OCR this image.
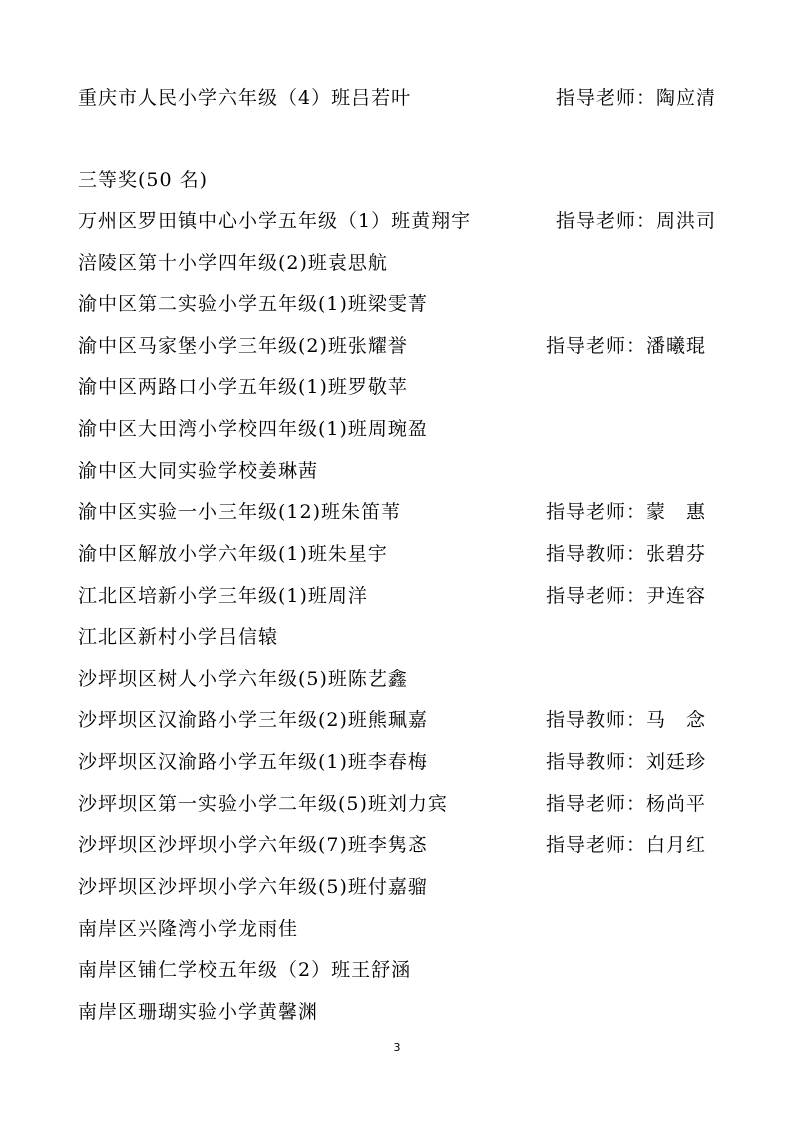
重庆市人民小学六年级（4）班吕若叶	指导老师：陶应清
三等奖(50 名)
万州区罗田镇中心小学五年级（1）班黄翔宇	指导老师：周洪司
涪陵区第十小学四年级(2)班袁思航
渝中区第二实验小学五年级(1)班梁雯菁
渝中区马家堡小学三年级(2)班张耀誉	指导老师：潘曦琨
渝中区两路口小学五年级(1)班罗敬苹
渝中区大田湾小学校四年级(1)班周琬盈
渝中区大同实验学校姜琳茜
渝中区实验一小三年级(12)班朱笛苇	指导老师：蒙　惠
渝中区解放小学六年级(1)班朱星宇	指导教师：张碧芬
江北区培新小学三年级(1)班周洋	指导老师：尹连容
江北区新村小学吕信辕
沙坪坝区树人小学六年级(5)班陈艺鑫
沙坪坝区汉渝路小学三年级(2)班熊珮嘉	指导教师：马　念
沙坪坝区汉渝路小学五年级(1)班李春梅	指导教师：刘廷珍
沙坪坝区第一实验小学二年级(5)班刘力宾	指导老师：杨尚平
沙坪坝区沙坪坝小学六年级(7)班李隽忞	指导老师：白月红
沙坪坝区沙坪坝小学六年级(5)班付嘉骝
南岸区兴隆湾小学龙雨佳
南岸区铺仁学校五年级（2）班王舒涵
南岸区珊瑚实验小学黄馨渊
3
